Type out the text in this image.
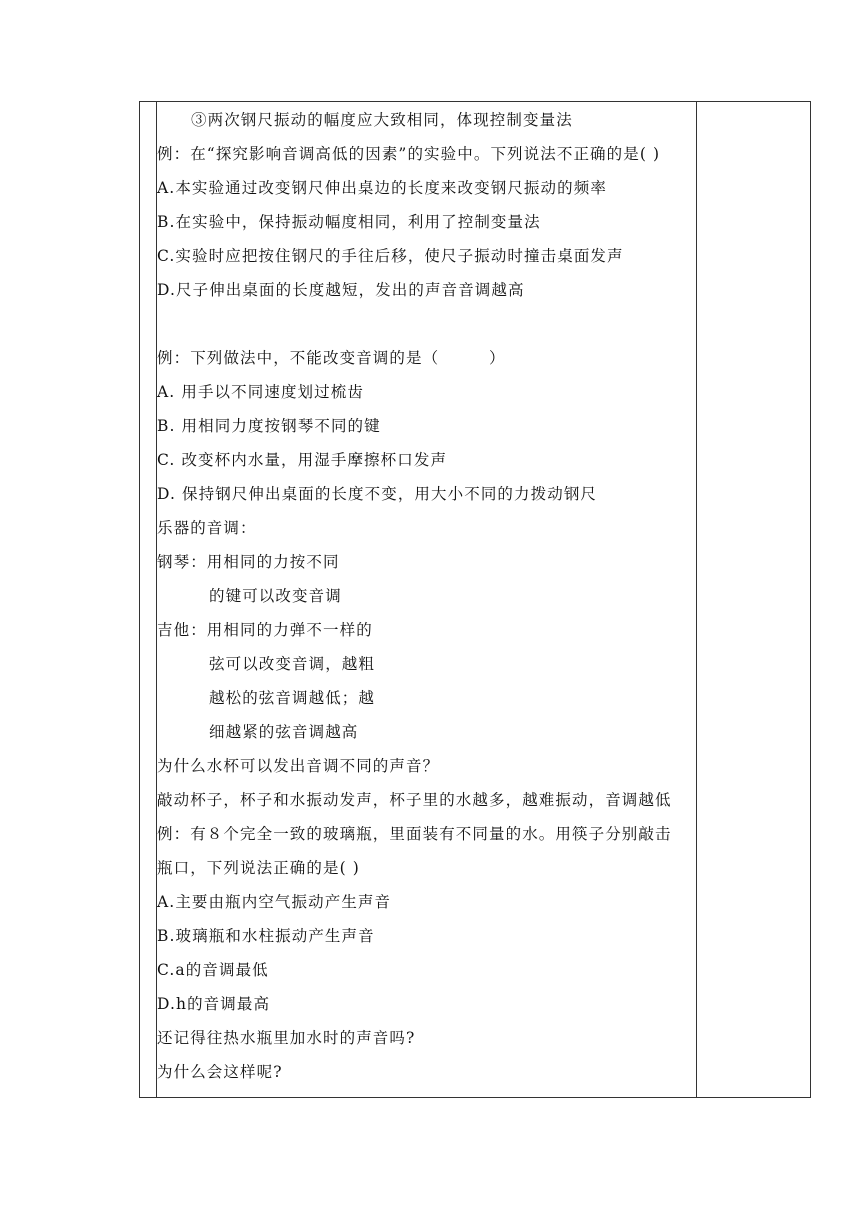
③两次钢尺振动的幅度应大致相同，体现控制变量法
例：在“探究影响音调高低的因素”的实验中。下列说法不正确的是( )
A.本实验通过改变钢尺伸出桌边的长度来改变钢尺振动的频率
B.在实验中，保持振动幅度相同，利用了控制变量法
C.实验时应把按住钢尺的手往后移，使尺子振动时撞击桌面发声
D.尺子伸出桌面的长度越短，发出的声音音调越高
例：下列做法中，不能改变音调的是（　　　）
A. 用手以不同速度划过梳齿
B. 用相同力度按钢琴不同的键
C. 改变杯内水量，用湿手摩擦杯口发声
D. 保持钢尺伸出桌面的长度不变，用大小不同的力拨动钢尺
乐器的音调：
钢琴：用相同的力按不同
的键可以改变音调
吉他：用相同的力弹不一样的
弦可以改变音调，越粗
越松的弦音调越低；越
细越紧的弦音调越高
为什么水杯可以发出音调不同的声音？
敲动杯子，杯子和水振动发声，杯子里的水越多，越难振动，音调越低
例：有８个完全一致的玻璃瓶，里面装有不同量的水。用筷子分别敲击
瓶口，下列说法正确的是( )
A.主要由瓶内空气振动产生声音
B.玻璃瓶和水柱振动产生声音
C.a的音调最低
D.h的音调最高
还记得往热水瓶里加水时的声音吗?
为什么会这样呢?
